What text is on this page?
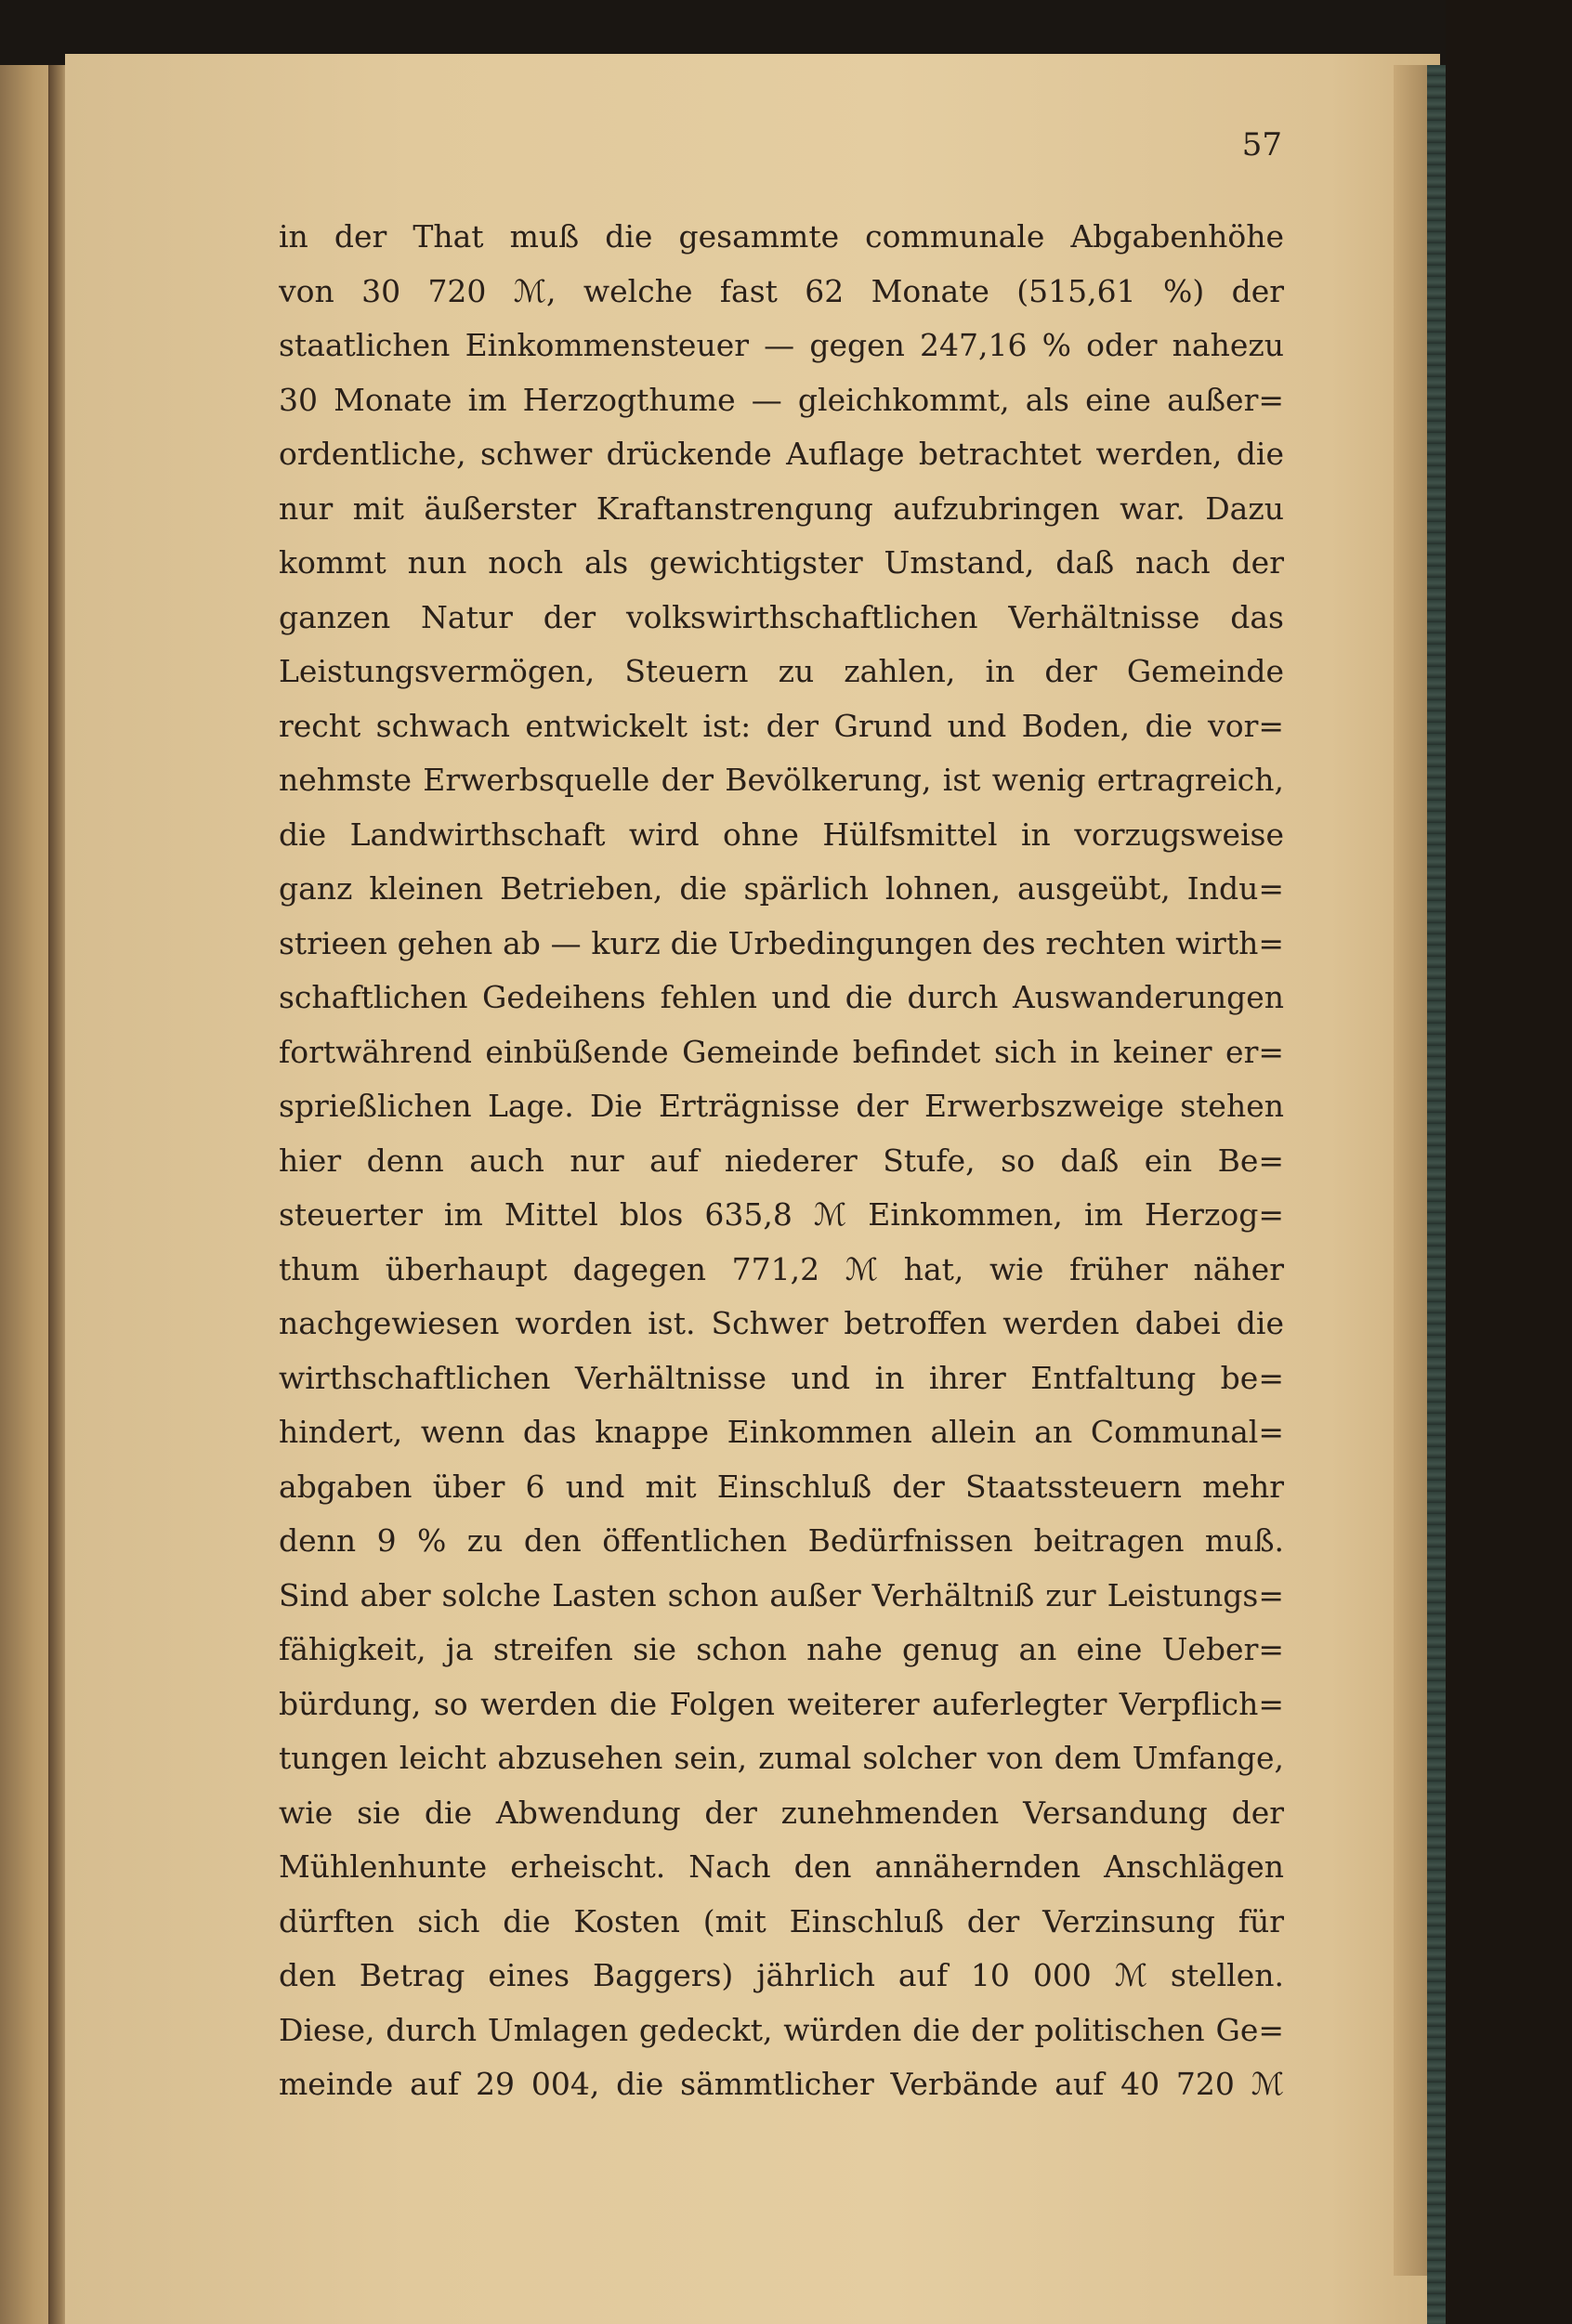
57
in der That muß die gesammte communale Abgabenhöhe
von 30 720 ℳ, welche fast 62 Monate (515,61 %) der
staatlichen Einkommensteuer — gegen 247,16 % oder nahezu
30 Monate im Herzogthume — gleichkommt, als eine außer=
ordentliche, schwer drückende Auflage betrachtet werden, die
nur mit äußerster Kraftanstrengung aufzubringen war. Dazu
kommt nun noch als gewichtigster Umstand, daß nach der
ganzen Natur der volkswirthschaftlichen Verhältnisse das
Leistungsvermögen, Steuern zu zahlen, in der Gemeinde
recht schwach entwickelt ist: der Grund und Boden, die vor=
nehmste Erwerbsquelle der Bevölkerung, ist wenig ertragreich,
die Landwirthschaft wird ohne Hülfsmittel in vorzugsweise
ganz kleinen Betrieben, die spärlich lohnen, ausgeübt, Indu=
strieen gehen ab — kurz die Urbedingungen des rechten wirth=
schaftlichen Gedeihens fehlen und die durch Auswanderungen
fortwährend einbüßende Gemeinde befindet sich in keiner er=
sprießlichen Lage. Die Erträgnisse der Erwerbszweige stehen
hier denn auch nur auf niederer Stufe, so daß ein Be=
steuerter im Mittel blos 635,8 ℳ Einkommen, im Herzog=
thum überhaupt dagegen 771,2 ℳ hat, wie früher näher
nachgewiesen worden ist. Schwer betroffen werden dabei die
wirthschaftlichen Verhältnisse und in ihrer Entfaltung be=
hindert, wenn das knappe Einkommen allein an Communal=
abgaben über 6 und mit Einschluß der Staatssteuern mehr
denn 9 % zu den öffentlichen Bedürfnissen beitragen muß.
Sind aber solche Lasten schon außer Verhältniß zur Leistungs=
fähigkeit, ja streifen sie schon nahe genug an eine Ueber=
bürdung, so werden die Folgen weiterer auferlegter Verpflich=
tungen leicht abzusehen sein, zumal solcher von dem Umfange,
wie sie die Abwendung der zunehmenden Versandung der
Mühlenhunte erheischt. Nach den annähernden Anschlägen
dürften sich die Kosten (mit Einschluß der Verzinsung für
den Betrag eines Baggers) jährlich auf 10 000 ℳ stellen.
Diese, durch Umlagen gedeckt, würden die der politischen Ge=
meinde auf 29 004, die sämmtlicher Verbände auf 40 720 ℳ
